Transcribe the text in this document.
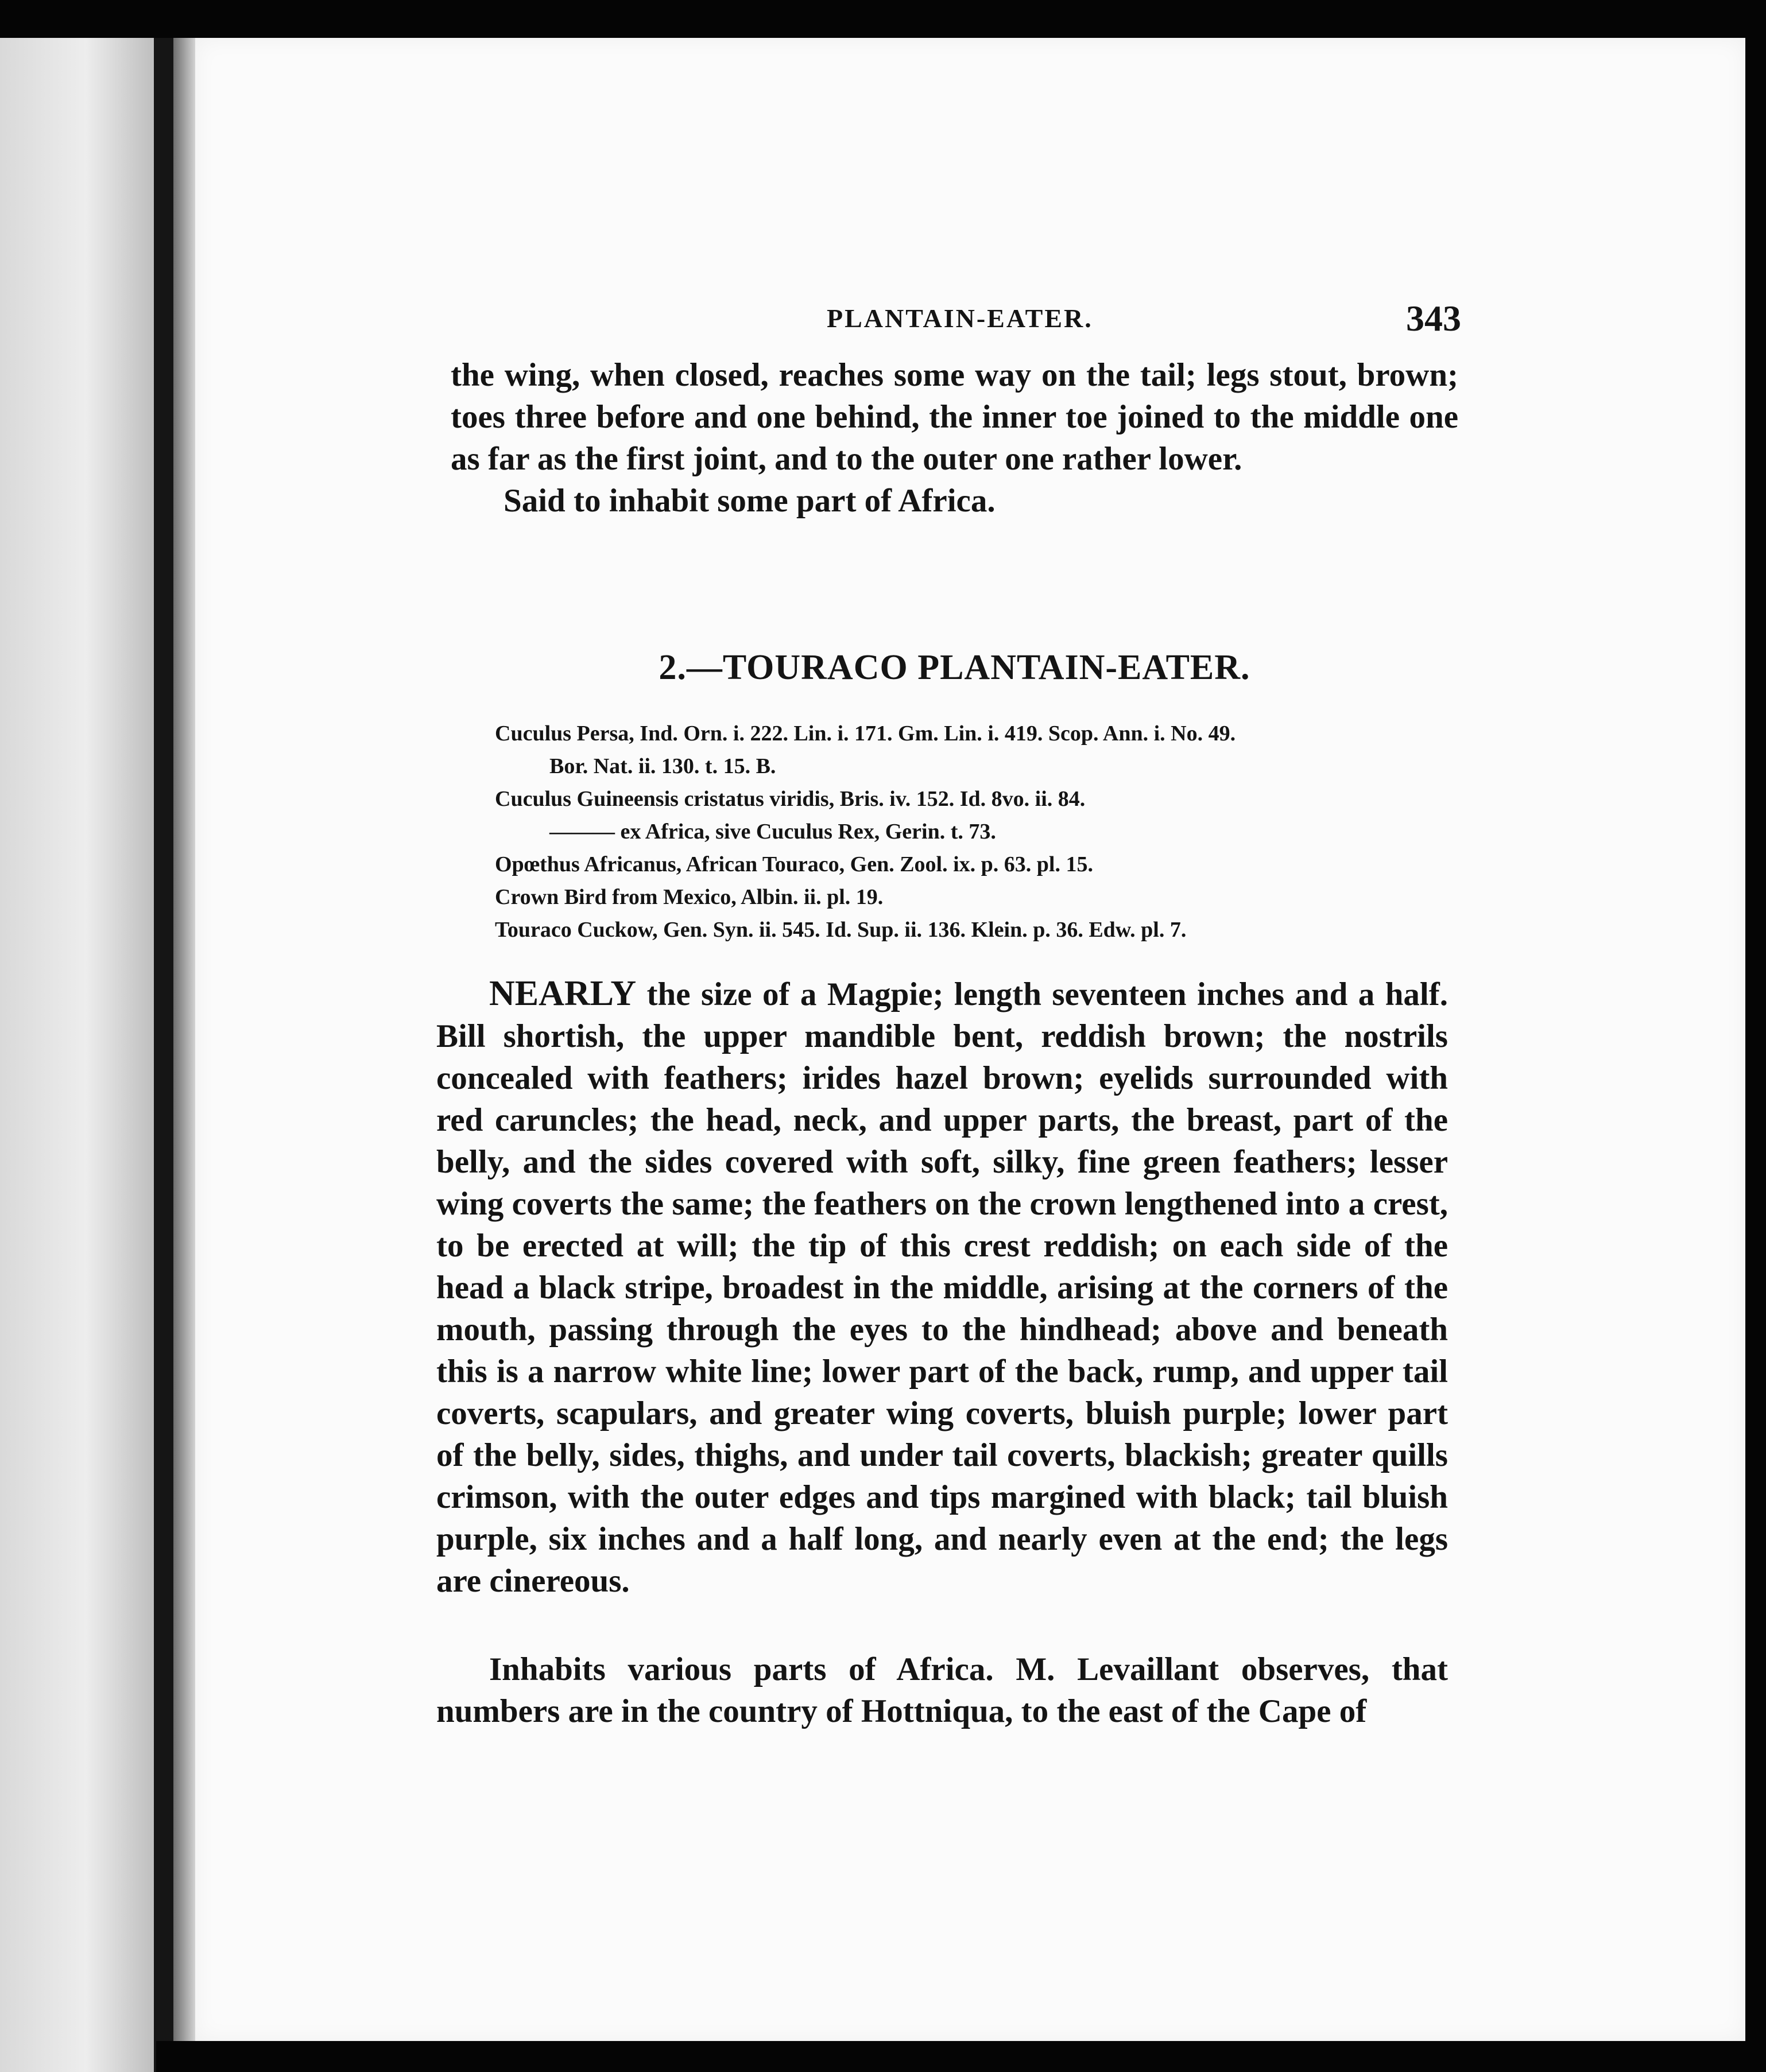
PLANTAIN-EATER.	343

the wing, when closed, reaches some way on the tail; legs stout, brown; toes three before and one behind, the inner toe joined to the middle one as far as the first joint, and to the outer one rather lower.
Said to inhabit some part of Africa.

2.—TOURACO PLANTAIN-EATER.

Cuculus Persa, Ind. Orn. i. 222. Lin. i. 171. Gm. Lin. i. 419. Scop. Ann. i. No. 49.

Bor. Nat. ii. 130. t. 15. B.

Cuculus Guineensis cristatus viridis, Bris. iv. 152. Id. 8vo. ii. 84.

——— ex Africa, sive Cuculus Rex, Gerin. t. 73.

Opœthus Africanus, African Touraco, Gen. Zool. ix. p. 63. pl. 15.

Crown Bird from Mexico, Albin. ii. pl. 19.

Touraco Cuckow, Gen. Syn. ii. 545. Id. Sup. ii. 136. Klein. p. 36. Edw. pl. 7.

NEARLY the size of a Magpie; length seventeen inches and a half. Bill shortish, the upper mandible bent, reddish brown; the nostrils concealed with feathers; irides hazel brown; eyelids surrounded with red caruncles; the head, neck, and upper parts, the breast, part of the belly, and the sides covered with soft, silky, fine green feathers; lesser wing coverts the same; the feathers on the crown lengthened into a crest, to be erected at will; the tip of this crest reddish; on each side of the head a black stripe, broadest in the middle, arising at the corners of the mouth, passing through the eyes to the hindhead; above and beneath this is a narrow white line; lower part of the back, rump, and upper tail coverts, scapulars, and greater wing coverts, bluish purple; lower part of the belly, sides, thighs, and under tail coverts, blackish; greater quills crimson, with the outer edges and tips margined with black; tail bluish purple, six inches and a half long, and nearly even at the end; the legs are cinereous.

Inhabits various parts of Africa. M. Levaillant observes, that numbers are in the country of Hottniqua, to the east of the Cape of
